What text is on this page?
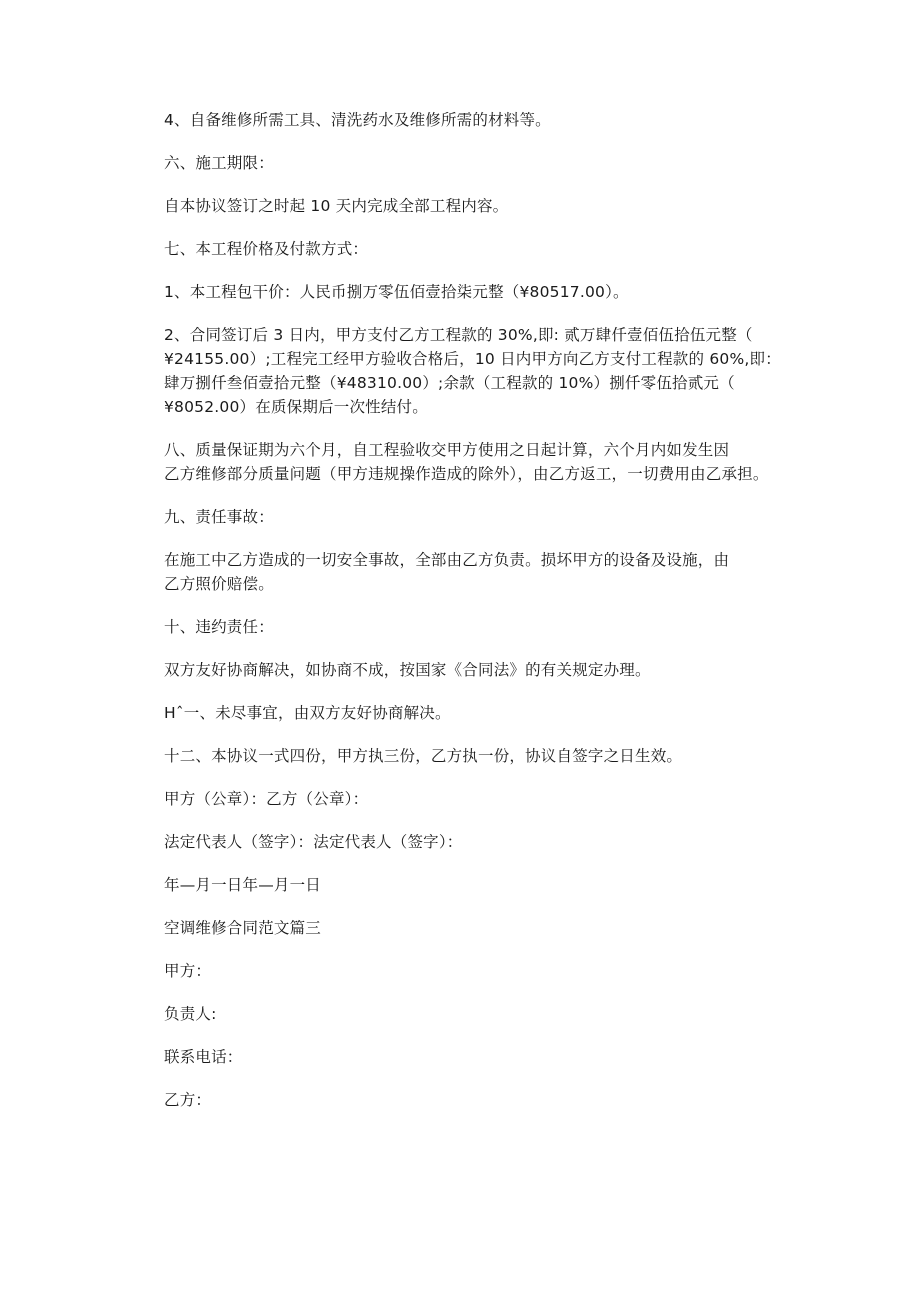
4、自备维修所需工具、清洗药水及维修所需的材料等。

六、施工期限：

自本协议签订之时起 10 天内完成全部工程内容。

七、本工程价格及付款方式：

1、本工程包干价：人民币捌万零伍佰壹拾柒元整（¥80517.00）。

2、合同签订后 3 日内，甲方支付乙方工程款的 30%,即: 贰万肆仟壹佰伍拾伍元整（
¥24155.00）;工程完工经甲方验收合格后，10 日内甲方向乙方支付工程款的 60%,即：
肆万捌仟叁佰壹拾元整（¥48310.00）;余款（工程款的 10%）捌仟零伍拾贰元（
¥8052.00）在质保期后一次性结付。
八、质量保证期为六个月，自工程验收交甲方使用之日起计算，六个月内如发生因
乙方维修部分质量问题（甲方违规操作造成的除外），由乙方返工，一切费用由乙承担。

九、责任事故：

在施工中乙方造成的一切安全事故，全部由乙方负责。损坏甲方的设备及设施，由
乙方照价赔偿。

十、违约责任：

双方友好协商解决，如协商不成，按国家《合同法》的有关规定办理。

Hˆ一、未尽事宜，由双方友好协商解决。

十二、本协议一式四份，甲方执三份，乙方执一份，协议自签字之日生效。

甲方（公章）：乙方（公章）：

法定代表人（签字）：法定代表人（签字）：

年—月一日年—月一日

空调维修合同范文篇三

甲方：

负责人:

联系电话：

乙方：
